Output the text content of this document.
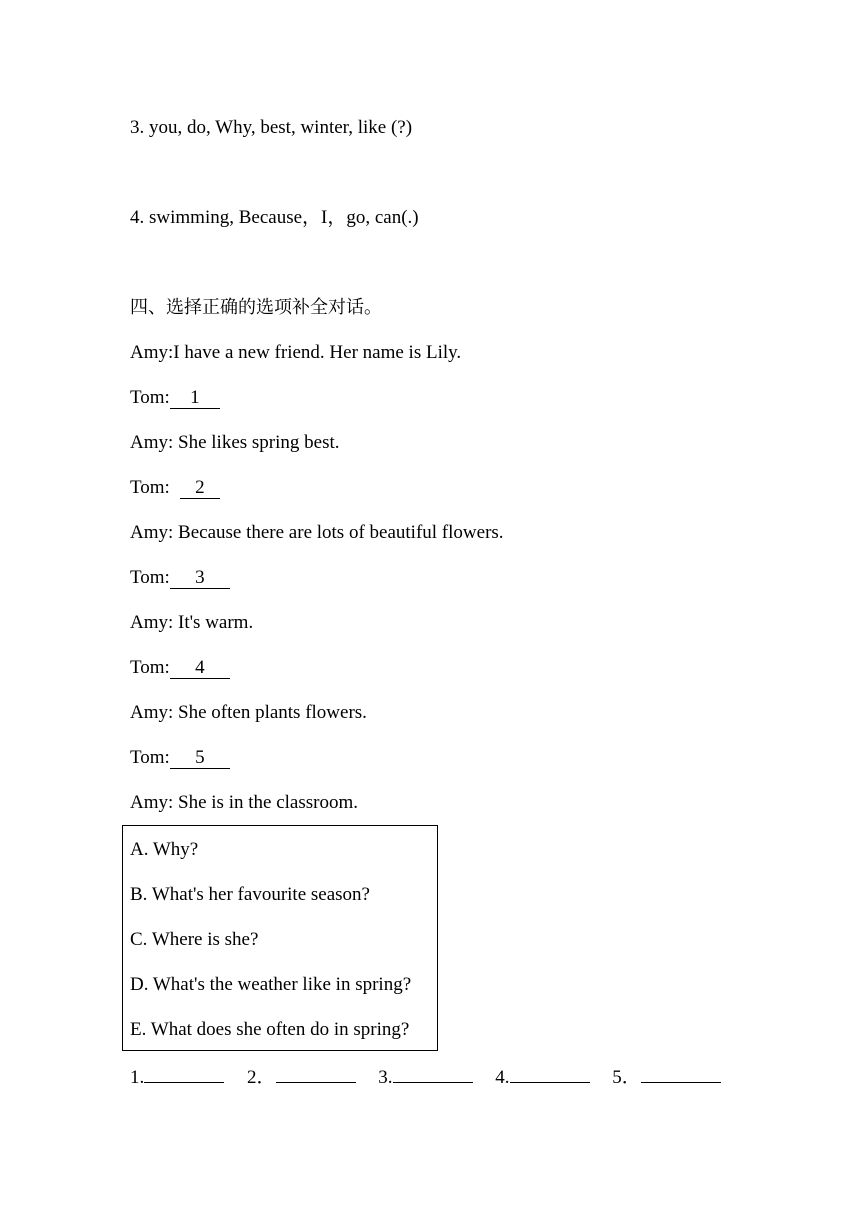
3. you, do, Why, best, winter, like (?)
4. swimming, Because，I，go, can(.)
四、选择正确的选项补全对话。
Amy:I have a new friend. Her name is Lily.
Tom: 1
Amy: She likes spring best.
Tom: 2
Amy: Because there are lots of beautiful flowers.
Tom: 3
Amy: It's warm.
Tom: 4
Amy: She often plants flowers.
Tom: 5
Amy: She is in the classroom.
A. Why?
B. What's her favourite season?
C. Where is she?
D. What's the weather like in spring?
E. What does she often do in spring?
1.	2．	3.	4.	5．
